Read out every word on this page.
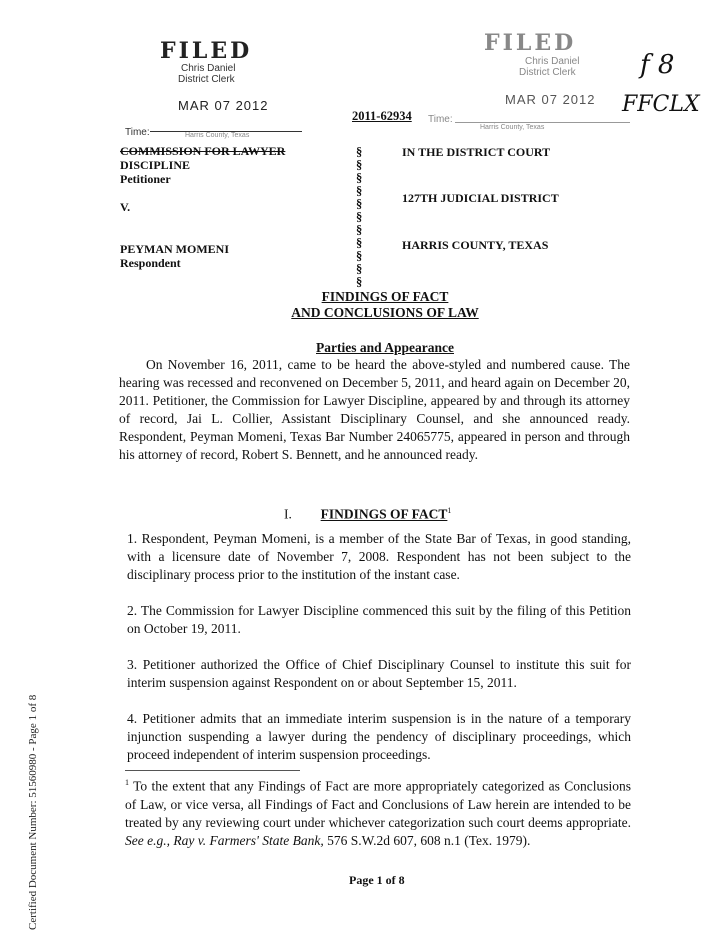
FILED
Chris Daniel
District Clerk
MAR 07 2012
Time:	Harris County, Texas
FILED
Chris Daniel
District Clerk
MAR 07 2012
Time:
Harris County, Texas
f 8
FFCLX
2011-62934
COMMISSION FOR LAWYER
DISCIPLINE
Petitioner
V.
PEYMAN MOMENI
Respondent
§
§
§
§
§
§
§
§
§
§
§
IN THE DISTRICT COURT
127TH JUDICIAL DISTRICT
HARRIS COUNTY, TEXAS
FINDINGS OF FACT
AND CONCLUSIONS OF LAW
Parties and Appearance
On November 16, 2011, came to be heard the above-styled and numbered cause. The hearing was recessed and reconvened on December 5, 2011, and heard again on December 20, 2011. Petitioner, the Commission for Lawyer Discipline, appeared by and through its attorney of record, Jai L. Collier, Assistant Disciplinary Counsel, and she announced ready. Respondent, Peyman Momeni, Texas Bar Number 24065775, appeared in person and through his attorney of record, Robert S. Bennett, and he announced ready.
I. FINDINGS OF FACT$^1$
1. Respondent, Peyman Momeni, is a member of the State Bar of Texas, in good standing, with a licensure date of November 7, 2008. Respondent has not been subject to the disciplinary process prior to the institution of the instant case.
2. The Commission for Lawyer Discipline commenced this suit by the filing of this Petition on October 19, 2011.
3. Petitioner authorized the Office of Chief Disciplinary Counsel to institute this suit for interim suspension against Respondent on or about September 15, 2011.
4. Petitioner admits that an immediate interim suspension is in the nature of a temporary injunction suspending a lawyer during the pendency of disciplinary proceedings, which proceed independent of interim suspension proceedings.
$^1$ To the extent that any Findings of Fact are more appropriately categorized as Conclusions of Law, or vice versa, all Findings of Fact and Conclusions of Law herein are intended to be treated by any reviewing court under whichever categorization such court deems appropriate. See e.g., Ray v. Farmers' State Bank, 576 S.W.2d 607, 608 n.1 (Tex. 1979).
Page 1 of 8
Certified Document Number: 51560980 - Page 1 of 8
